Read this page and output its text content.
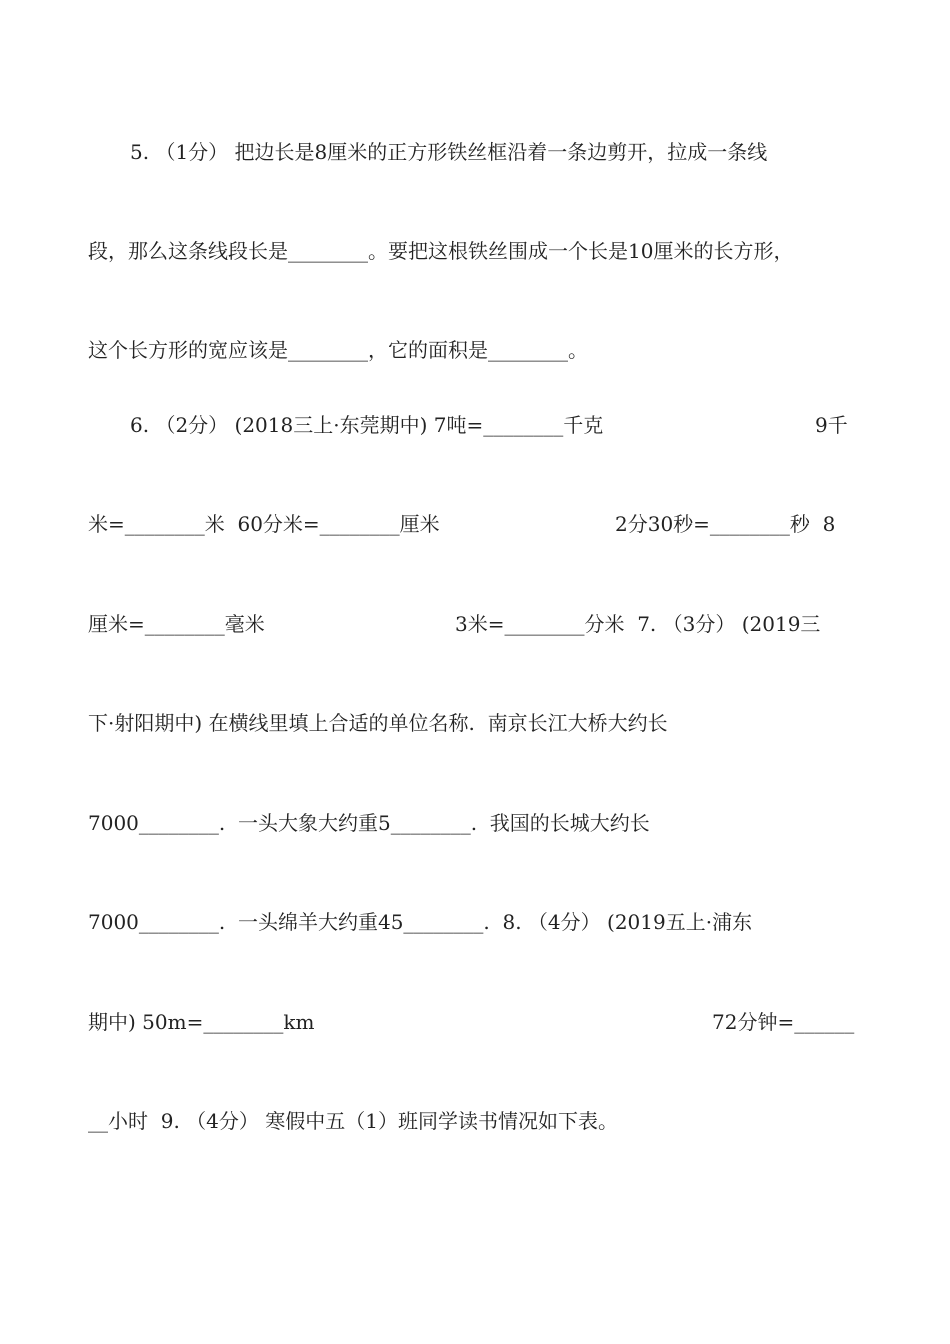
5. （1分） 把边长是8厘米的正方形铁丝框沿着一条边剪开，拉成一条线

段，那么这条线段长是________。要把这根铁丝围成一个长是10厘米的长方形，

这个长方形的宽应该是________，它的面积是________。

6. （2分） (2018三上·东莞期中) 7吨=________千克

	9千

米=________米  60分米=________厘米

	2分30秒=________秒  8

厘米=________毫米

	3米=________分米  7. （3分） (2019三

下·射阳期中) 在横线里填上合适的单位名称.  南京长江大桥大约长

7000________.  一头大象大约重5________.  我国的长城大约长

7000________.  一头绵羊大约重45________.  8. （4分） (2019五上·浦东

期中) 50m=________km

	72分钟=______

__小时  9. （4分） 寒假中五（1）班同学读书情况如下表。
